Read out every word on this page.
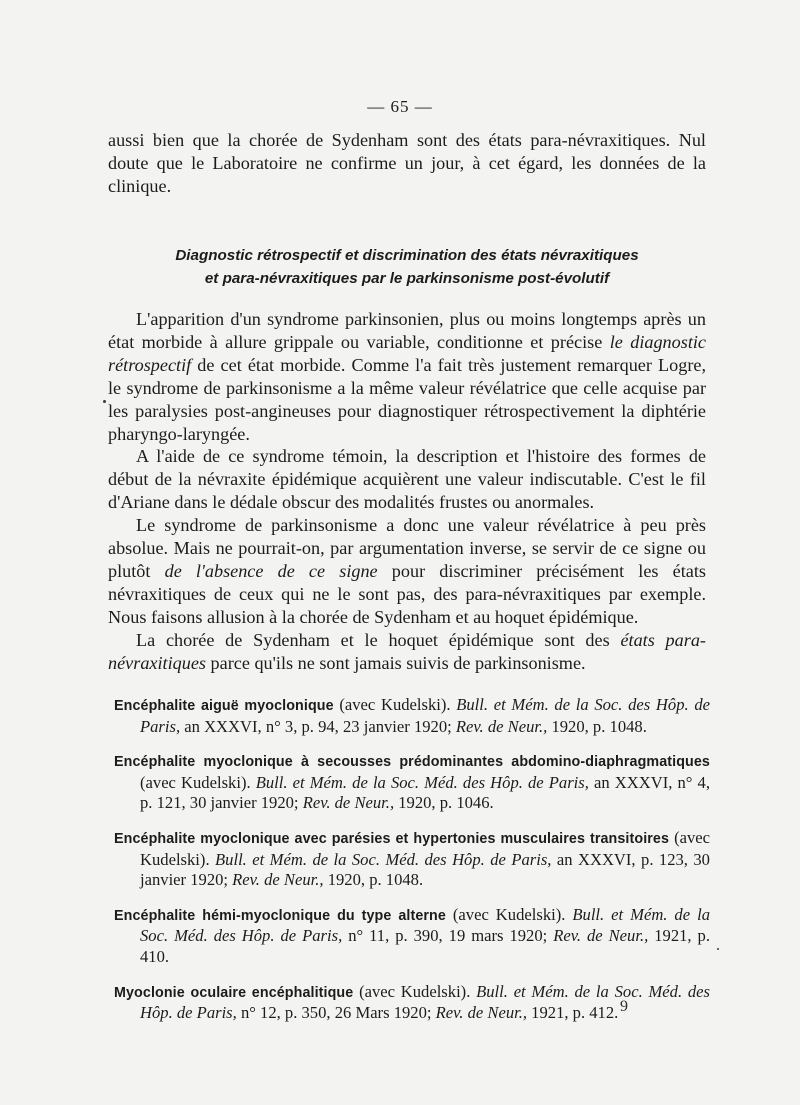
— 65 —

aussi bien que la chorée de Sydenham sont des états para-névraxitiques. Nul doute que le Laboratoire ne confirme un jour, à cet égard, les données de la clinique.

Diagnostic rétrospectif et discrimination des états névraxitiques
et para-névraxitiques par le parkinsonisme post-évolutif

L'apparition d'un syndrome parkinsonien, plus ou moins longtemps après un état morbide à allure grippale ou variable, conditionne et précise le diagnostic rétrospectif de cet état morbide. Comme l'a fait très justement remarquer Logre, le syndrome de parkinsonisme a la même valeur révélatrice que celle acquise par les paralysies post-angineuses pour diagnostiquer rétrospectivement la diphtérie pharyngo-laryngée.

A l'aide de ce syndrome témoin, la description et l'histoire des formes de début de la névraxite épidémique acquièrent une valeur indiscutable. C'est le fil d'Ariane dans le dédale obscur des modalités frustes ou anormales.

Le syndrome de parkinsonisme a donc une valeur révélatrice à peu près absolue. Mais ne pourrait-on, par argumentation inverse, se servir de ce signe ou plutôt de l'absence de ce signe pour discriminer précisément les états névraxitiques de ceux qui ne le sont pas, des para-névraxitiques par exemple. Nous faisons allusion à la chorée de Sydenham et au hoquet épidémique.

La chorée de Sydenham et le hoquet épidémique sont des états para-névraxitiques parce qu'ils ne sont jamais suivis de parkinsonisme.

Encéphalite aiguë myoclonique (avec Kudelski). Bull. et Mém. de la Soc. des Hôp. de Paris, an XXXVI, n° 3, p. 94, 23 janvier 1920; Rev. de Neur., 1920, p. 1048.

Encéphalite myoclonique à secousses prédominantes abdomino-diaphragmatiques (avec Kudelski). Bull. et Mém. de la Soc. Méd. des Hôp. de Paris, an XXXVI, n° 4, p. 121, 30 janvier 1920; Rev. de Neur., 1920, p. 1046.

Encéphalite myoclonique avec parésies et hypertonies musculaires transitoires (avec Kudelski). Bull. et Mém. de la Soc. Méd. des Hôp. de Paris, an XXXVI, p. 123, 30 janvier 1920; Rev. de Neur., 1920, p. 1048.

Encéphalite hémi-myoclonique du type alterne (avec Kudelski). Bull. et Mém. de la Soc. Méd. des Hôp. de Paris, n° 11, p. 390, 19 mars 1920; Rev. de Neur., 1921, p. 410.

Myoclonie oculaire encéphalitique (avec Kudelski). Bull. et Mém. de la Soc. Méd. des Hôp. de Paris, n° 12, p. 350, 26 Mars 1920; Rev. de Neur., 1921, p. 412. 9
